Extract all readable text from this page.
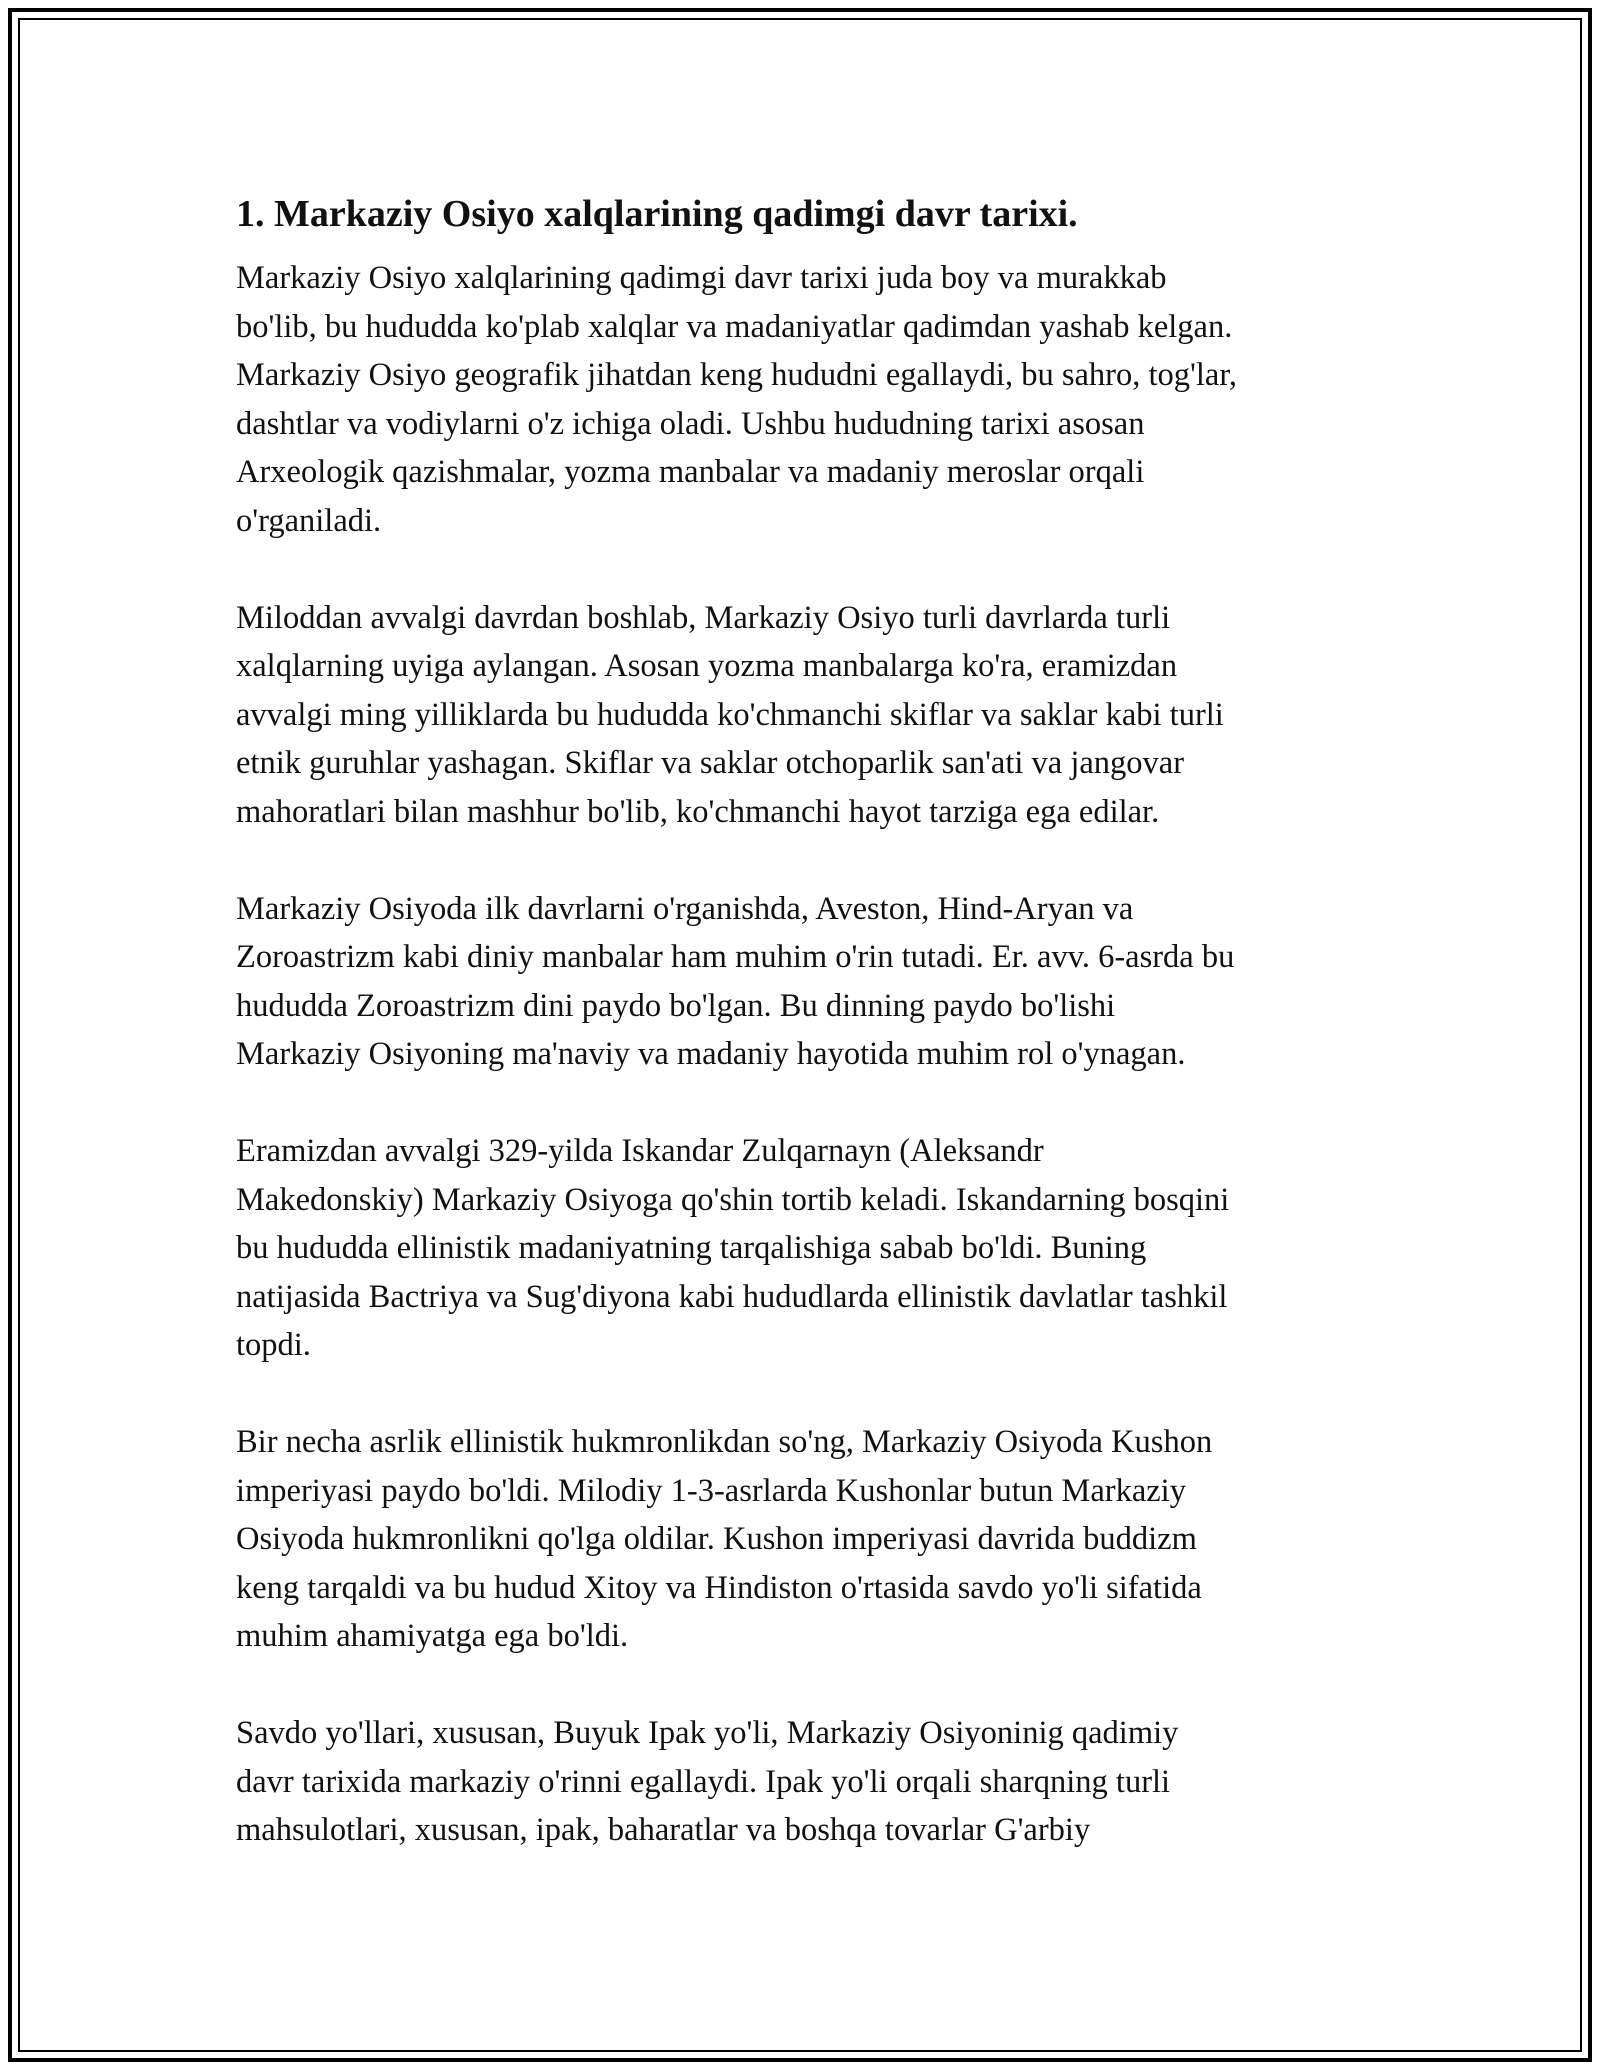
1. Markaziy Osiyo xalqlarining qadimgi davr tarixi.

Markaziy Osiyo xalqlarining qadimgi davr tarixi juda boy va murakkab
bo'lib, bu hududda ko'plab xalqlar va madaniyatlar qadimdan yashab kelgan.
Markaziy Osiyo geografik jihatdan keng hududni egallaydi, bu sahro, tog'lar,
dashtlar va vodiylarni o'z ichiga oladi. Ushbu hududning tarixi asosan
Arxeologik qazishmalar, yozma manbalar va madaniy meroslar orqali
o'rganiladi.

Miloddan avvalgi davrdan boshlab, Markaziy Osiyo turli davrlarda turli
xalqlarning uyiga aylangan. Asosan yozma manbalarga ko'ra, eramizdan
avvalgi ming yilliklarda bu hududda ko'chmanchi skiflar va saklar kabi turli
etnik guruhlar yashagan. Skiflar va saklar otchoparlik san'ati va jangovar
mahoratlari bilan mashhur bo'lib, ko'chmanchi hayot tarziga ega edilar.

Markaziy Osiyoda ilk davrlarni o'rganishda, Aveston, Hind-Aryan va
Zoroastrizm kabi diniy manbalar ham muhim o'rin tutadi. Er. avv. 6-asrda bu
hududda Zoroastrizm dini paydo bo'lgan. Bu dinning paydo bo'lishi
Markaziy Osiyoning ma'naviy va madaniy hayotida muhim rol o'ynagan.

Eramizdan avvalgi 329-yilda Iskandar Zulqarnayn (Aleksandr
Makedonskiy) Markaziy Osiyoga qo'shin tortib keladi. Iskandarning bosqini
bu hududda ellinistik madaniyatning tarqalishiga sabab bo'ldi. Buning
natijasida Bactriya va Sug'diyona kabi hududlarda ellinistik davlatlar tashkil
topdi.

Bir necha asrlik ellinistik hukmronlikdan so'ng, Markaziy Osiyoda Kushon
imperiyasi paydo bo'ldi. Milodiy 1-3-asrlarda Kushonlar butun Markaziy
Osiyoda hukmronlikni qo'lga oldilar. Kushon imperiyasi davrida buddizm
keng tarqaldi va bu hudud Xitoy va Hindiston o'rtasida savdo yo'li sifatida
muhim ahamiyatga ega bo'ldi.

Savdo yo'llari, xususan, Buyuk Ipak yo'li, Markaziy Osiyoninig qadimiy
davr tarixida markaziy o'rinni egallaydi. Ipak yo'li orqali sharqning turli
mahsulotlari, xususan, ipak, baharatlar va boshqa tovarlar G'arbiy
